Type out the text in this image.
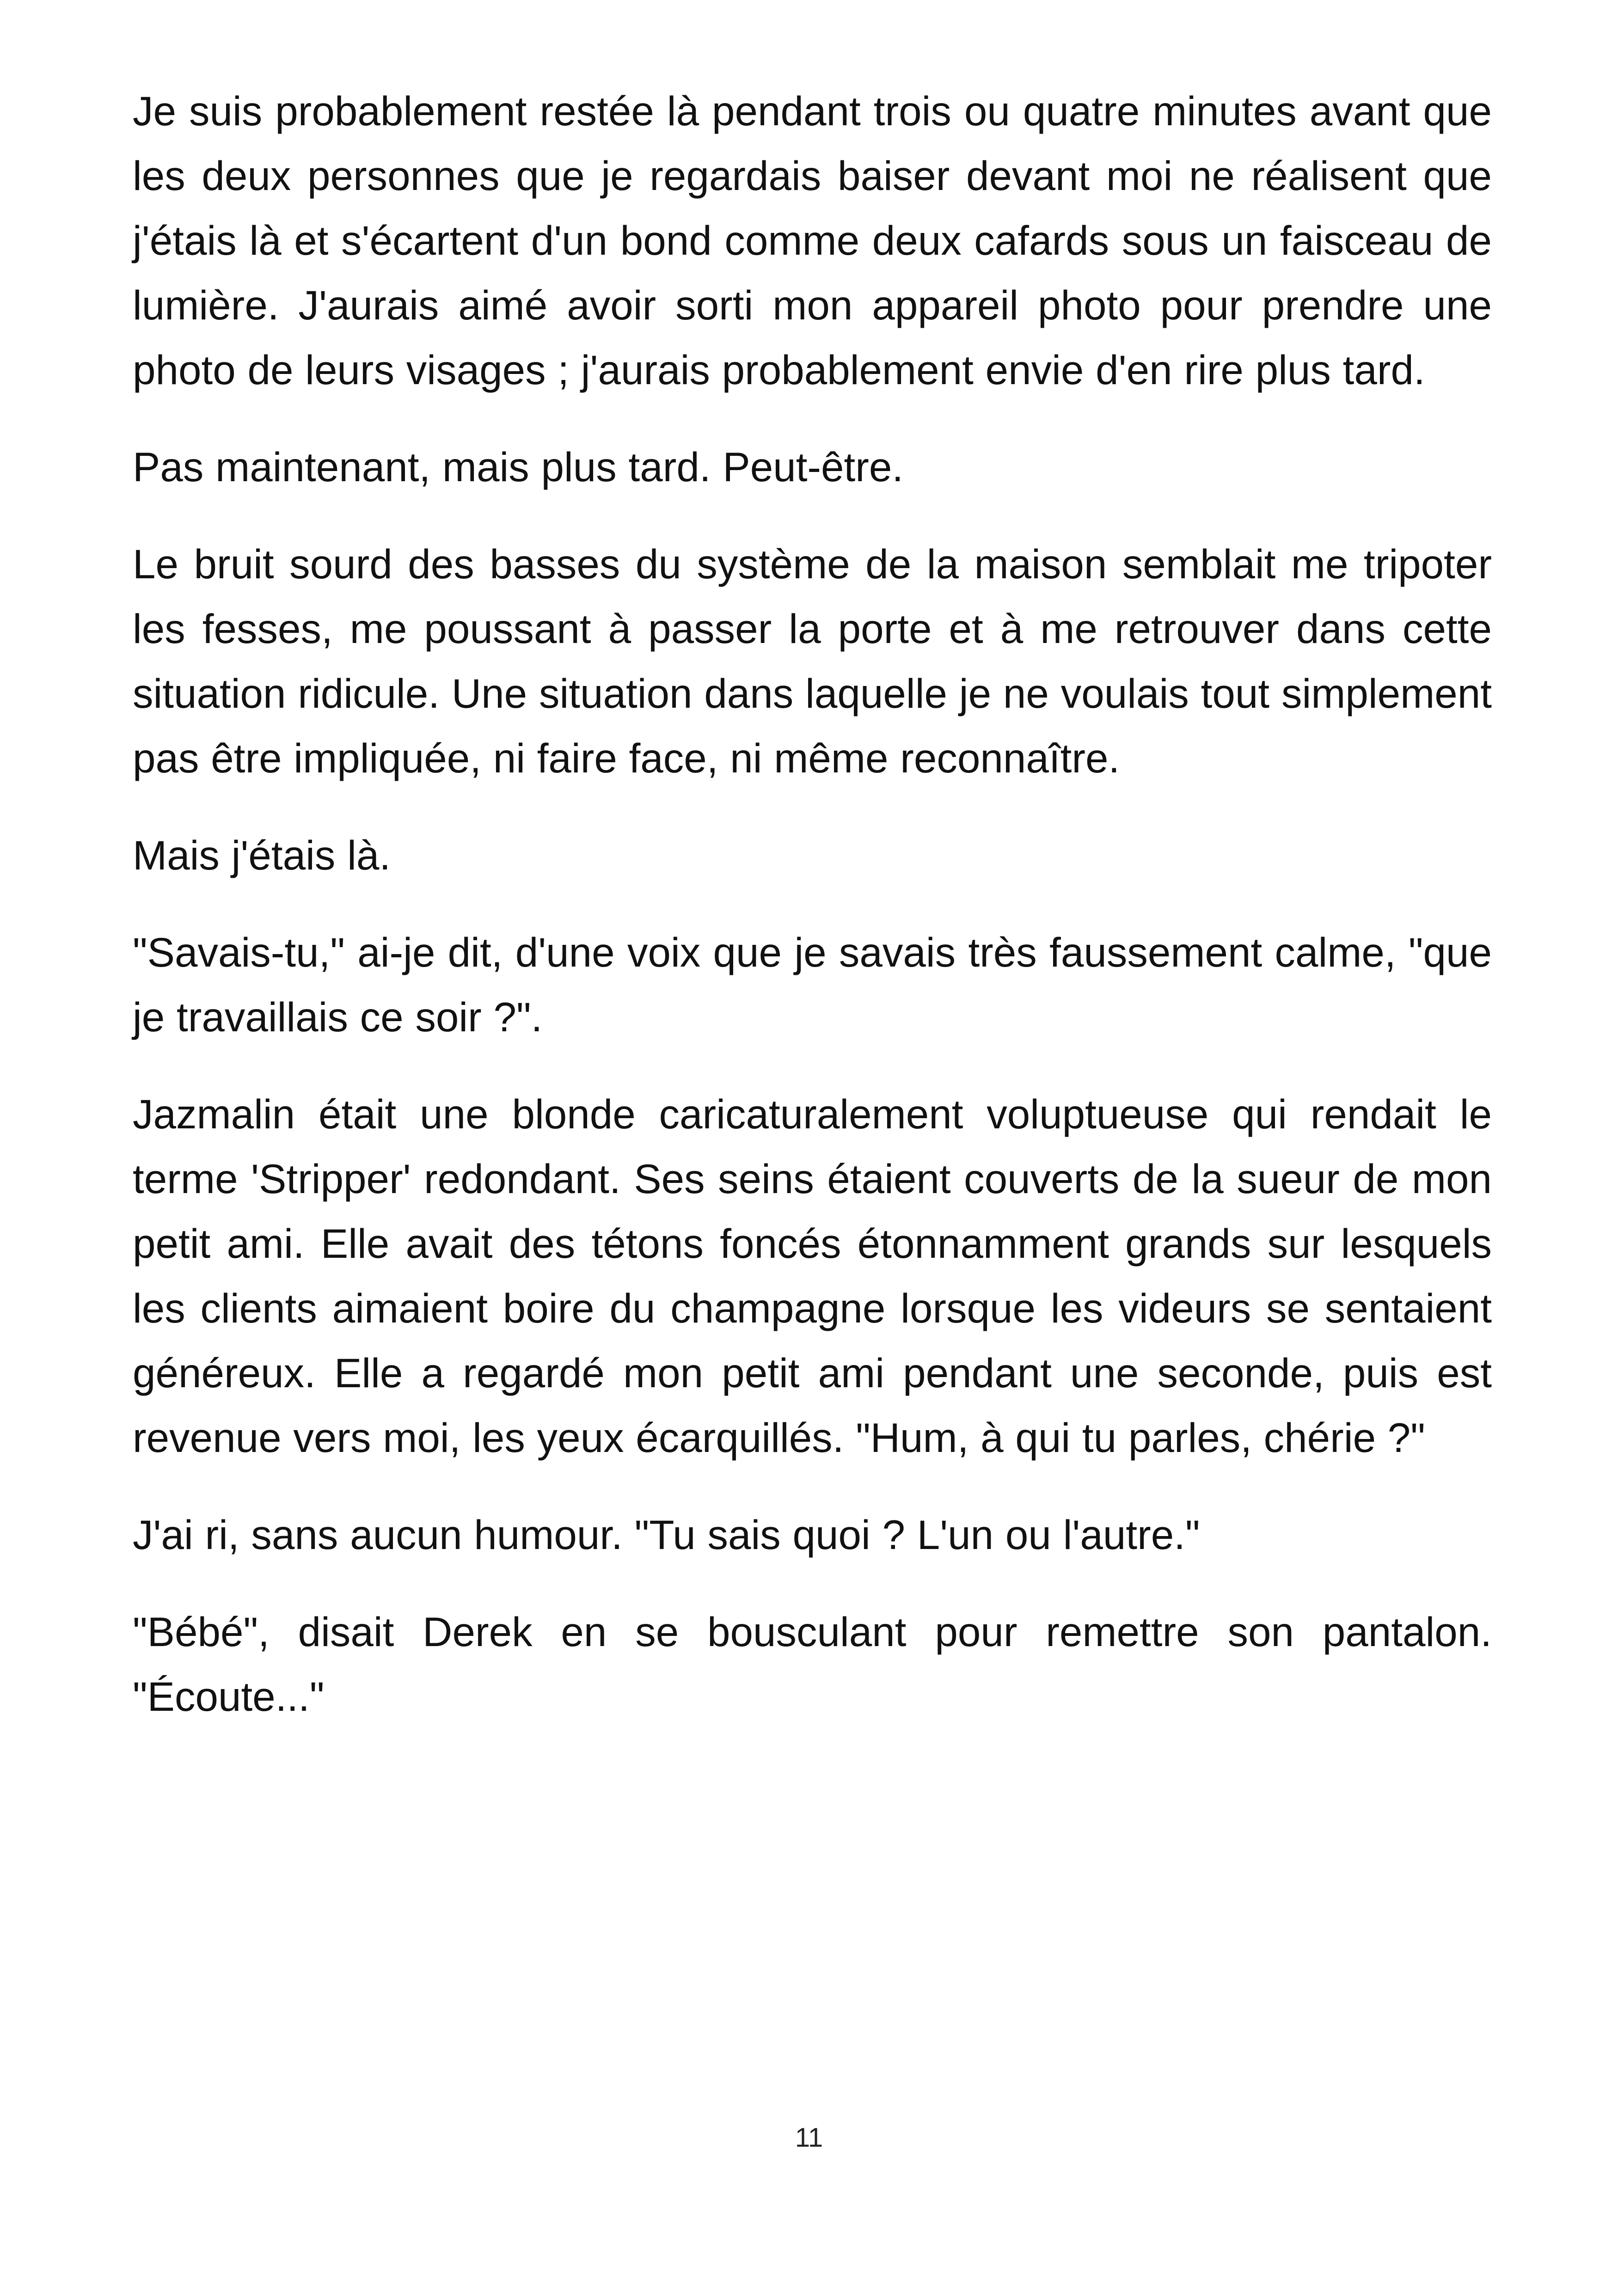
Je suis probablement restée là pendant trois ou quatre minutes avant que les deux personnes que je regardais baiser devant moi ne réalisent que j'étais là et s'écartent d'un bond comme deux cafards sous un faisceau de lumière. J'aurais aimé avoir sorti mon appareil photo pour prendre une photo de leurs visages ; j'aurais probablement envie d'en rire plus tard.

Pas maintenant, mais plus tard. Peut-être.

Le bruit sourd des basses du système de la maison semblait me tripoter les fesses, me poussant à passer la porte et à me retrouver dans cette situation ridicule. Une situation dans laquelle je ne voulais tout simplement pas être impliquée, ni faire face, ni même reconnaître.

Mais j'étais là.

"Savais-tu," ai-je dit, d'une voix que je savais très faussement calme, "que je travaillais ce soir ?".

Jazmalin était une blonde caricaturalement voluptueuse qui rendait le terme 'Stripper' redondant. Ses seins étaient couverts de la sueur de mon petit ami. Elle avait des tétons foncés étonnamment grands sur lesquels les clients aimaient boire du champagne lorsque les videurs se sentaient généreux. Elle a regardé mon petit ami pendant une seconde, puis est revenue vers moi, les yeux écarquillés. "Hum, à qui tu parles, chérie ?"

J'ai ri, sans aucun humour. "Tu sais quoi ? L'un ou l'autre."

"Bébé", disait Derek en se bousculant pour remettre son pantalon. "Écoute..."

11
